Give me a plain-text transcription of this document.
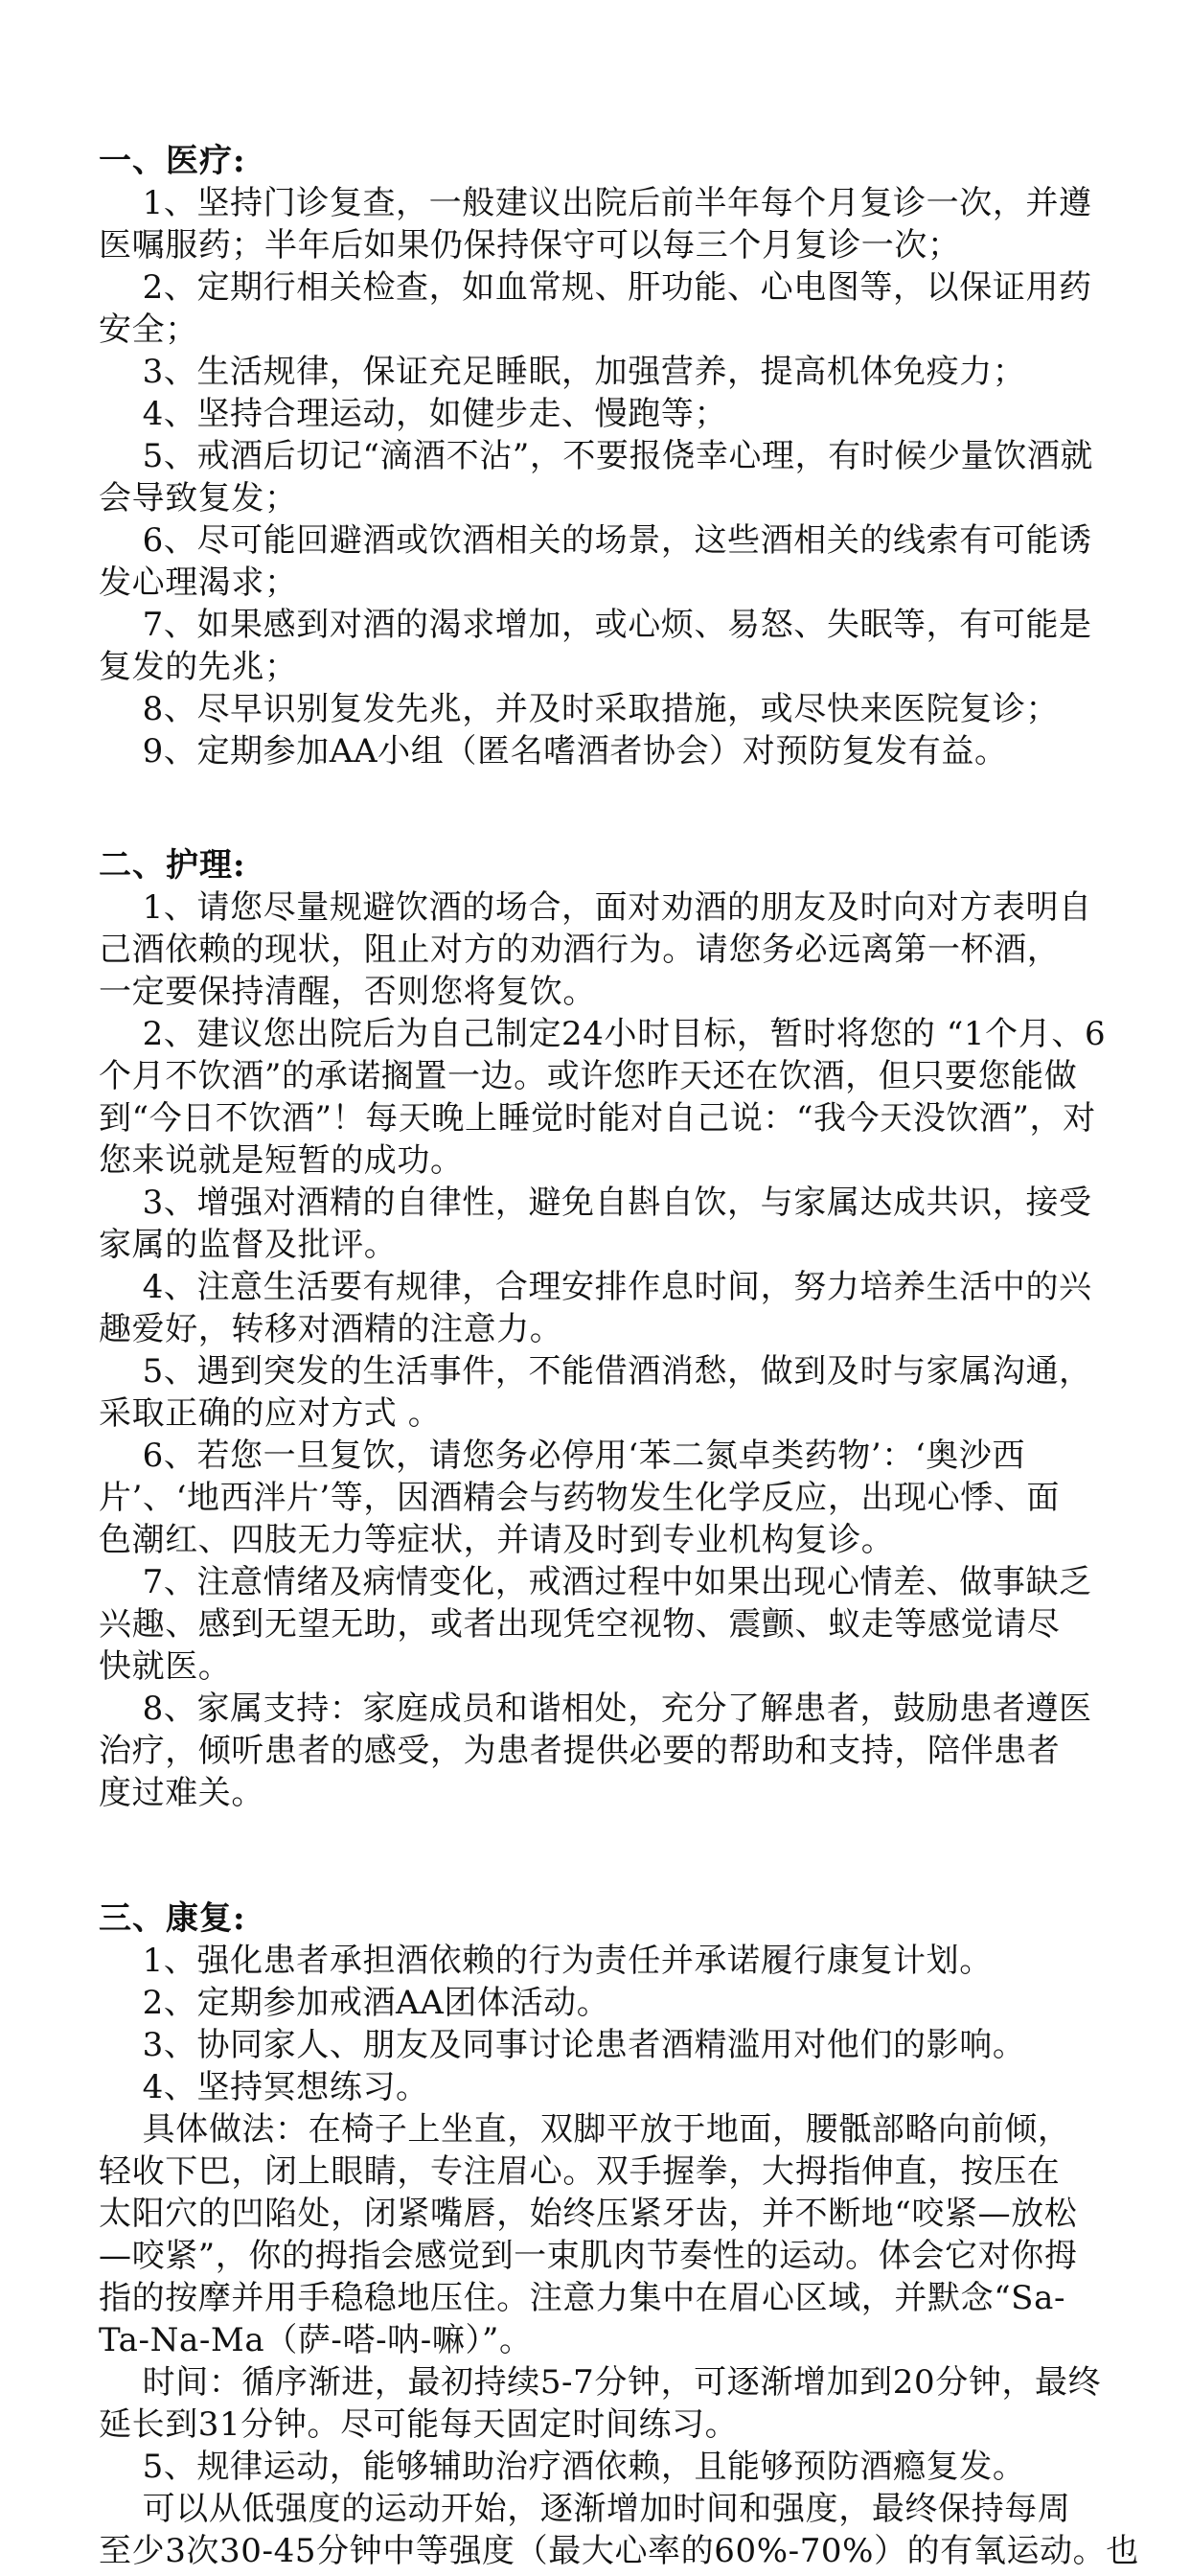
一、医疗:

1、坚持门诊复查，一般建议出院后前半年每个月复诊一次，并遵

医嘱服药；半年后如果仍保持保守可以每三个月复诊一次；

2、定期行相关检查，如血常规、肝功能、心电图等，以保证用药

安全；

3、生活规律，保证充足睡眠，加强营养，提高机体免疫力；

4、坚持合理运动，如健步走、慢跑等；

5、戒酒后切记“滴酒不沾”，不要报侥幸心理，有时候少量饮酒就

会导致复发；

6、尽可能回避酒或饮酒相关的场景，这些酒相关的线索有可能诱

发心理渴求；

7、如果感到对酒的渴求增加，或心烦、易怒、失眠等，有可能是

复发的先兆；

8、尽早识别复发先兆，并及时采取措施，或尽快来医院复诊；

9、定期参加AA小组（匿名嗜酒者协会）对预防复发有益。

二、护理:

1、请您尽量规避饮酒的场合，面对劝酒的朋友及时向对方表明自

己酒依赖的现状，阻止对方的劝酒行为。请您务必远离第一杯酒，

一定要保持清醒，否则您将复饮。

2、建议您出院后为自己制定24小时目标，暂时将您的 “1个月、6

个月不饮酒”的承诺搁置一边。或许您昨天还在饮酒，但只要您能做

到“今日不饮酒”！每天晚上睡觉时能对自己说：“我今天没饮酒”，对

您来说就是短暂的成功。

3、增强对酒精的自律性，避免自斟自饮，与家属达成共识，接受

家属的监督及批评。

4、注意生活要有规律，合理安排作息时间，努力培养生活中的兴

趣爱好，转移对酒精的注意力。

5、遇到突发的生活事件，不能借酒消愁，做到及时与家属沟通，

采取正确的应对方式 。

6、若您一旦复饮，请您务必停用‘苯二氮卓类药物’：‘奥沙西

片’、‘地西泮片’等，因酒精会与药物发生化学反应，出现心悸、面

色潮红、四肢无力等症状，并请及时到专业机构复诊。

7、注意情绪及病情变化，戒酒过程中如果出现心情差、做事缺乏

兴趣、感到无望无助，或者出现凭空视物、震颤、蚁走等感觉请尽

快就医。

8、家属支持：家庭成员和谐相处，充分了解患者，鼓励患者遵医

治疗，倾听患者的感受，为患者提供必要的帮助和支持，陪伴患者

度过难关。

三、康复:

1、强化患者承担酒依赖的行为责任并承诺履行康复计划。

2、定期参加戒酒AA团体活动。

3、协同家人、朋友及同事讨论患者酒精滥用对他们的影响。

4、坚持冥想练习。

具体做法：在椅子上坐直，双脚平放于地面，腰骶部略向前倾，

轻收下巴，闭上眼睛，专注眉心。双手握拳，大拇指伸直，按压在

太阳穴的凹陷处，闭紧嘴唇，始终压紧牙齿，并不断地“咬紧—放松

—咬紧”，你的拇指会感觉到一束肌肉节奏性的运动。体会它对你拇

指的按摩并用手稳稳地压住。注意力集中在眉心区域，并默念“Sa-

Ta-Na-Ma（萨-嗒-呐-嘛）”。

时间：循序渐进，最初持续5-7分钟，可逐渐增加到20分钟，最终

延长到31分钟。尽可能每天固定时间练习。

5、规律运动，能够辅助治疗酒依赖，且能够预防酒瘾复发。

可以从低强度的运动开始，逐渐增加时间和强度，最终保持每周

至少3次30-45分钟中等强度（最大心率的60%-70%）的有氧运动。也
